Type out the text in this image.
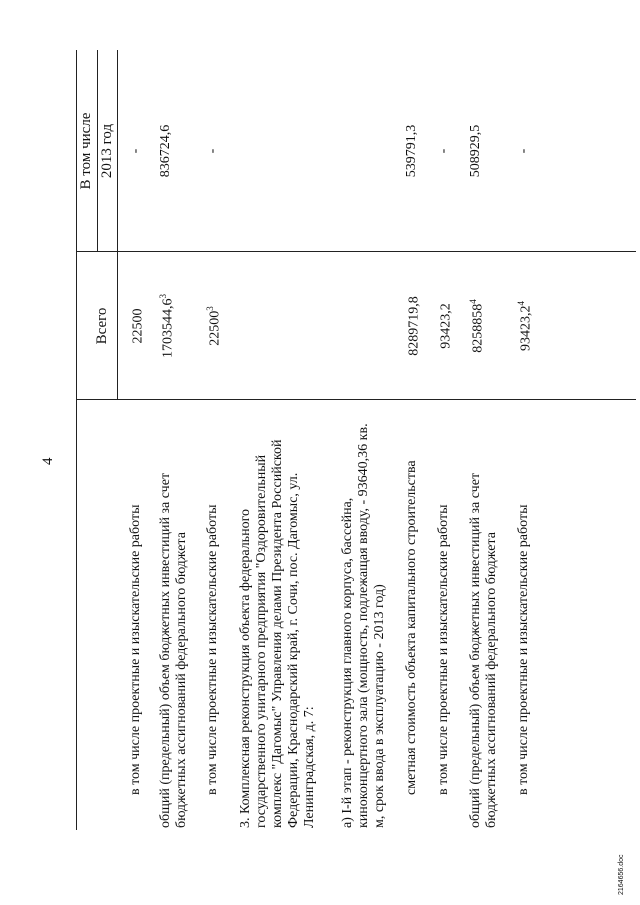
4
Всего
В том числе 2013 год
в том числе проектные и изыскательские работы
22500
-
общий (предельный) объем бюджетных инвестиций за счет бюджетных ассигнований федерального бюджета
1703544,6$^3$
836724,6
в том числе проектные и изыскательские работы
22500$^3$
-
3. Комплексная реконструкция объекта федерального государственного унитарного предприятия "Оздоровительный комплекс "Дагомыс" Управления делами Президента Российской Федерации, Краснодарский край, г. Сочи, пос. Дагомыс, ул. Ленинградская, д. 7: а) I-й этап - реконструкция главного корпуса, бассейна, киноконцертного зала (мощность, подлежащая вводу, - 93640,36 кв. м, срок ввода в эксплуатацию - 2013 год) сметная стоимость объекта капитального строительства
8289719,8
539791,3
в том числе проектные и изыскательские работы
93423,2
-
общий (предельный) объем бюджетных инвестиций за счет бюджетных ассигнований федерального бюджета
8258858$^4$
508929,5
в том числе проектные и изыскательские работы
93423,2$^4$
-
2164656.doc
